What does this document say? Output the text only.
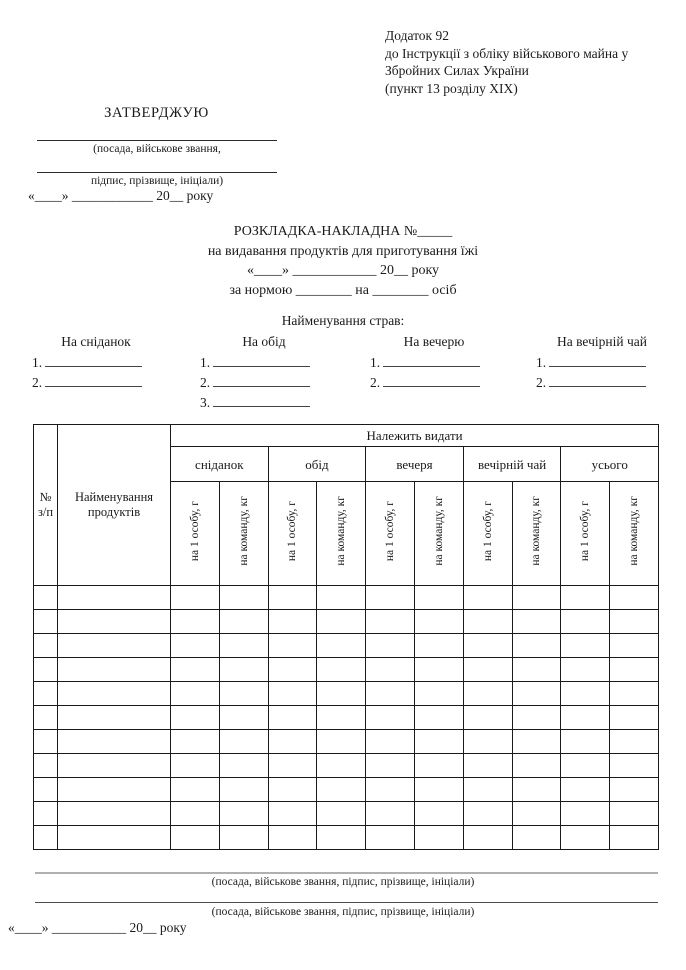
Додаток 92
до Інструкції з обліку військового майна у
Збройних Силах України
(пункт 13 розділу XIX)
ЗАТВЕРДЖУЮ
(посада, військове звання,
підпис, прізвище, ініціали)
«____» ____________ 20__ року
РОЗКЛАДКА-НАКЛАДНА №_____
на видавання продуктів для приготування їжі
«____» ____________ 20__ року
за нормою ________ на ________ осіб
Найменування страв:
На сніданок
1.
2.
На обід
1.
2.
3.
На вечерю
1.
2.
На вечірній чай
1.
2.
№ з/п	Найменування продуктів	Належить видати									
		сніданок		обід		вечеря		вечірній чай		усього	
		на 1 особу, г	на команду, кг	на 1 особу, г	на команду, кг	на 1 особу, г	на команду, кг	на 1 особу, г	на команду, кг	на 1 особу, г	на команду, кг

(посада, військове звання, підпис, прізвище, ініціали)
(посада, військове звання, підпис, прізвище, ініціали)
«____» ___________ 20__ року
